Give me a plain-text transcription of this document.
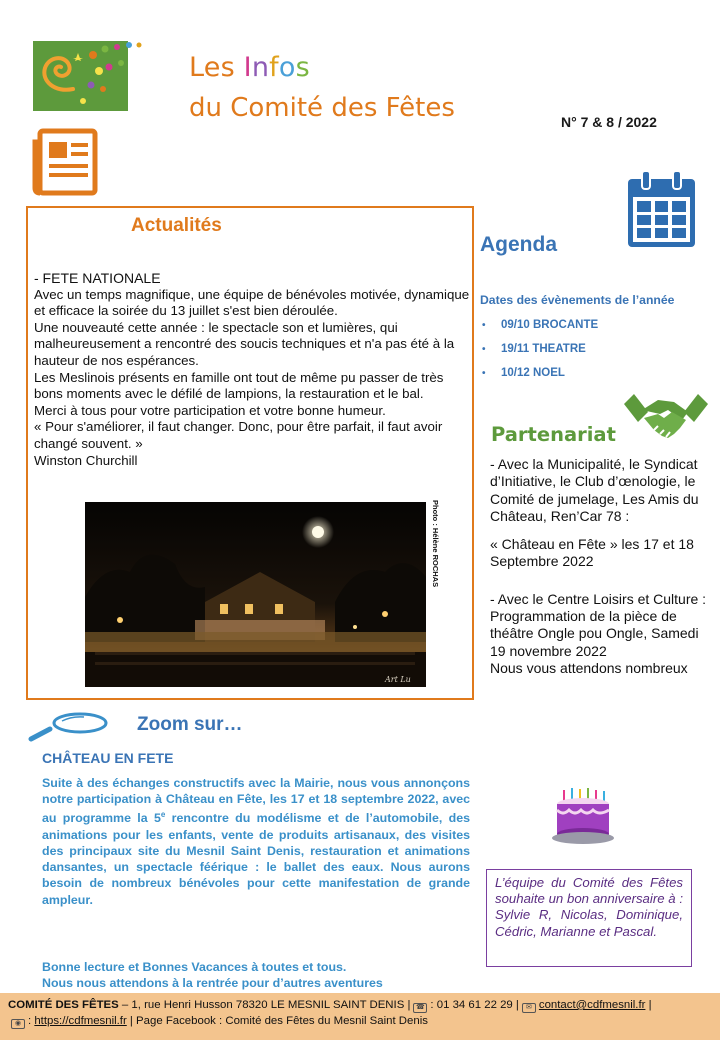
Les Infos
du Comité des Fêtes	N° 7 & 8 / 2022
Actualités

- FETE NATIONALE

Avec un temps magnifique, une équipe de bénévoles motivée, dynamique et efficace la soirée du 13 juillet s'est bien déroulée.

Une nouveauté cette année : le spectacle son et lumières, qui malheureusement a rencontré des soucis techniques et n'a pas été à la hauteur de nos espérances.

Les Meslinois présents en famille ont tout de même pu passer de très bons moments avec le défilé de lampions, la restauration et le bal.

Merci à tous pour votre participation et votre bonne humeur.

« Pour s'améliorer, il faut changer. Donc, pour être parfait, il faut avoir changé souvent. »

Winston Churchill

Art Lu
Photo : Hélène ROCHAS
Agenda
Dates des évènements de l’année
• 09/10 BROCANTE
• 19/11 THEATRE
• 10/12 NOEL
Partenariat

- Avec la Municipalité, le Syndicat d’Initiative, le Club d’œnologie, le Comité de jumelage, Les Amis du Château, Ren’Car 78 :

« Château en Fête » les 17 et 18 Septembre 2022

- Avec le Centre Loisirs et Culture :

Programmation de la pièce de théâtre Ongle pou Ongle, Samedi 19 novembre 2022

Nous vous attendons nombreux

L’équipe du Comité des Fêtes souhaite un bon anniversaire à : Sylvie R, Nicolas, Dominique, Cédric, Marianne et Pascal.
Zoom sur…
CHÂTEAU EN FETE
Suite à des échanges constructifs avec la Mairie, nous vous annonçons notre participation à Château en Fête, les 17 et 18 septembre 2022, avec au programme la 5e rencontre du modélisme et de l’automobile, des animations pour les enfants, vente de produits artisanaux, des visites des principaux site du Mesnil Saint Denis, restauration et animations dansantes, un spectacle féérique : le ballet des eaux. Nous aurons besoin de nombreux bénévoles pour cette manifestation de grande ampleur.
Bonne lecture et Bonnes Vacances à toutes et tous.
Nous nous attendons à la rentrée pour d’autres aventures
COMITÉ DES FÊTES – 1, rue Henri Husson 78320 LE MESNIL SAINT DENIS | ☎ : 01 34 61 22 29 | ✉ contact@cdfmesnil.fr |
◉ : https://cdfmesnil.fr | Page Facebook : Comité des Fêtes du Mesnil Saint Denis
